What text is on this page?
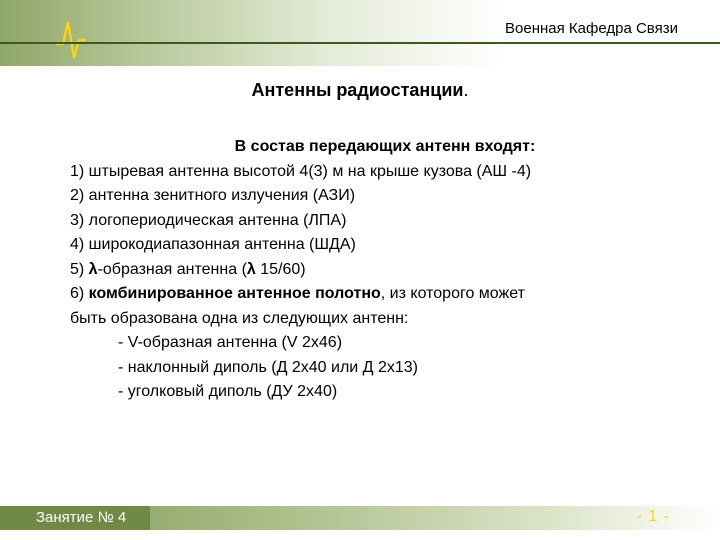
Военная Кафедра Связи
Антенны радиостанции.
В состав передающих антенн входят:
1) штыревая антенна высотой 4(3) м на крыше кузова (АШ -4)
2) антенна зенитного излучения (АЗИ)
3) логопериодическая антенна (ЛПА)
4) широкодиапазонная антенна (ШДА)
5) λ-образная антенна (λ 15/60)
6) комбинированное антенное полотно, из которого может
быть образована одна из следующих антенн:
- V-образная антенна (V 2х46)
- наклонный диполь (Д 2х40 или Д 2х13)
- уголковый диполь (ДУ 2х40)
Занятие № 4	- 1 -
